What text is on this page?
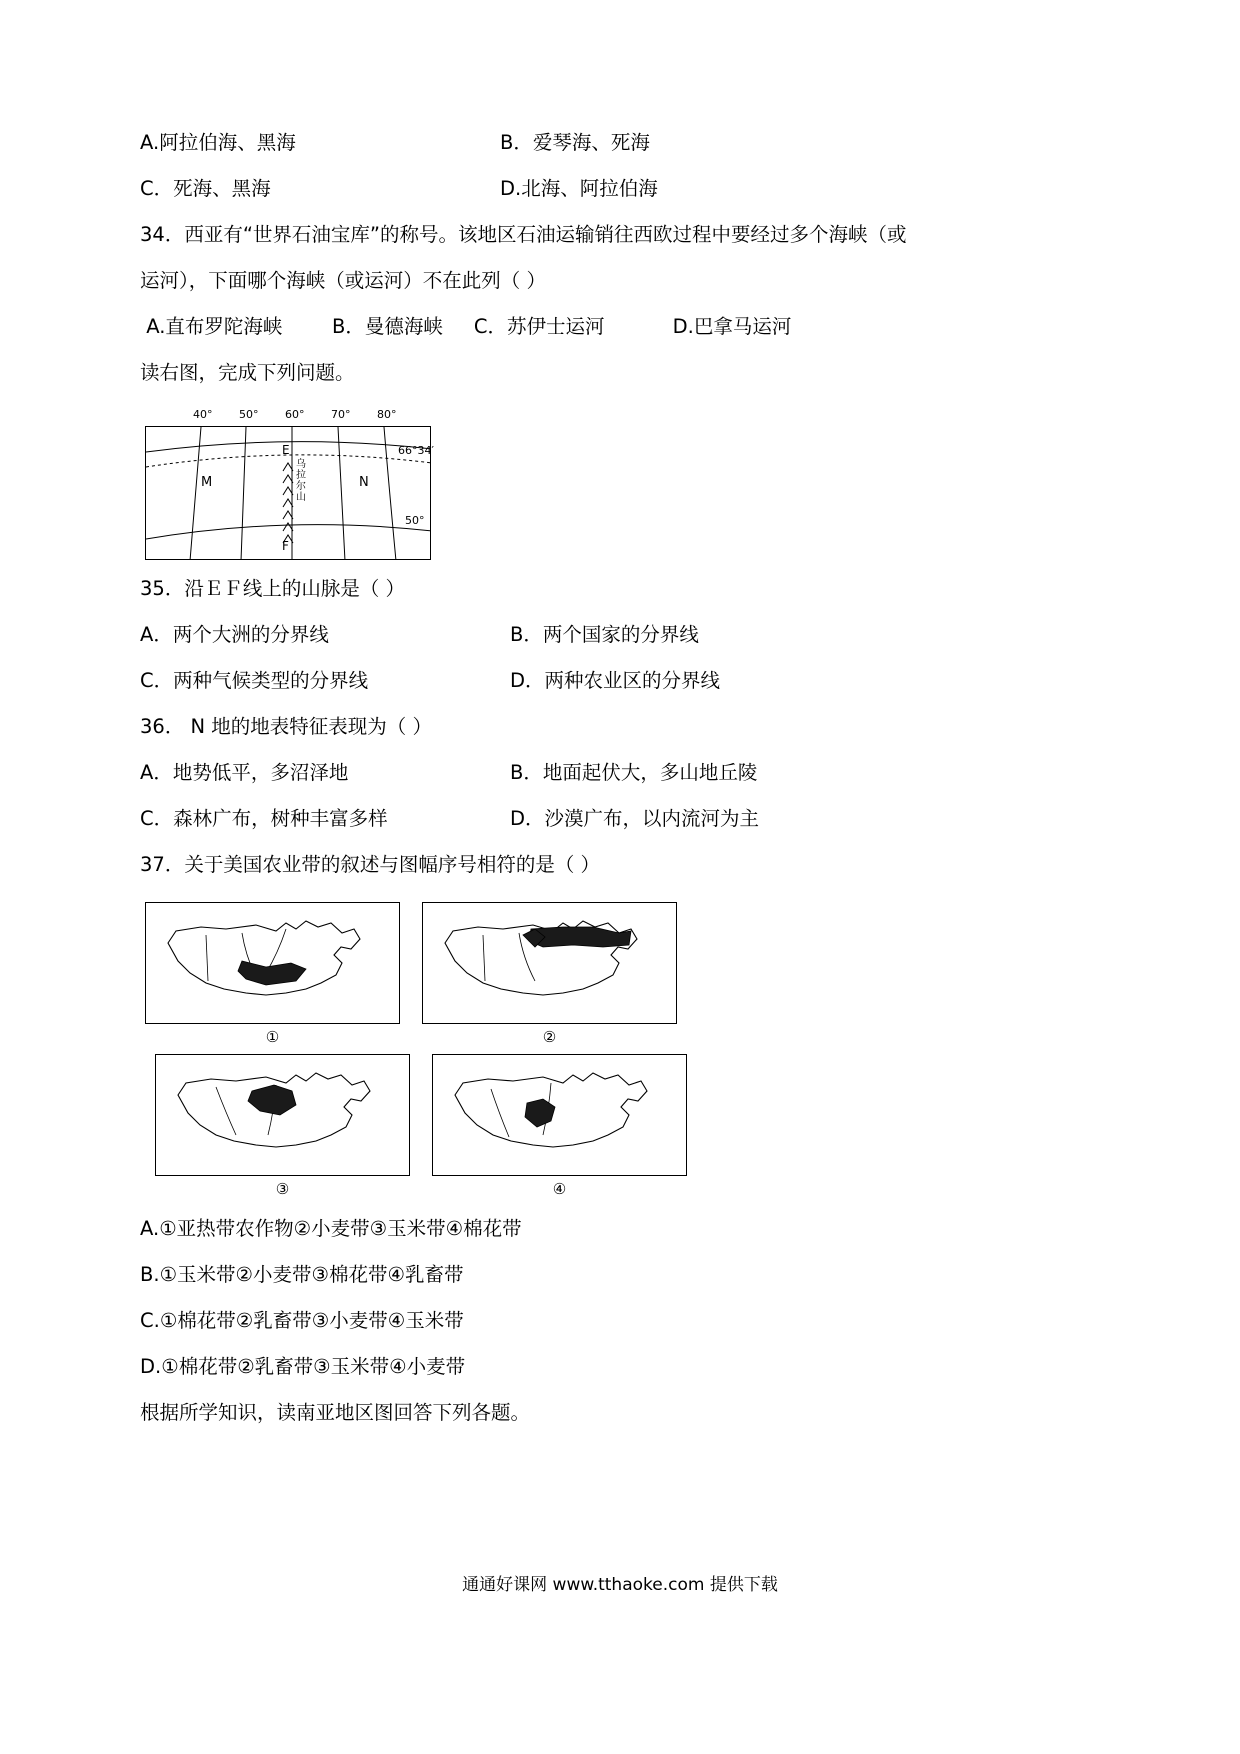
A.阿拉伯海、黑海	B．爱琴海、死海
C．死海、黑海	D.北海、阿拉伯海
34．西亚有“世界石油宝库”的称号。该地区石油运输销往西欧过程中要经过多个海峡（或
运河），下面哪个海峡（或运河）不在此列（ ）
A.直布罗陀海峡        B．曼德海峡     C．苏伊士运河           D.巴拿马运河
读右图，完成下列问题。
40° 50° 60° 70° 80°
66°34′
50°
E
F
乌拉尔山
M	N
35．沿ＥＦ线上的山脉是（ ）
A．两个大洲的分界线	B．两个国家的分界线
C．两种气候类型的分界线	D．两种农业区的分界线
36． N 地的地表特征表现为（ ）
A．地势低平，多沼泽地	B．地面起伏大，多山地丘陵
C．森林广布，树种丰富多样	D．沙漠广布，以内流河为主
37．关于美国农业带的叙述与图幅序号相符的是（ ）
①	②
③	④
A.①亚热带农作物②小麦带③玉米带④棉花带
B.①玉米带②小麦带③棉花带④乳畜带
C.①棉花带②乳畜带③小麦带④玉米带
D.①棉花带②乳畜带③玉米带④小麦带
根据所学知识，读南亚地区图回答下列各题。
通通好课网 www.tthaoke.com 提供下载
